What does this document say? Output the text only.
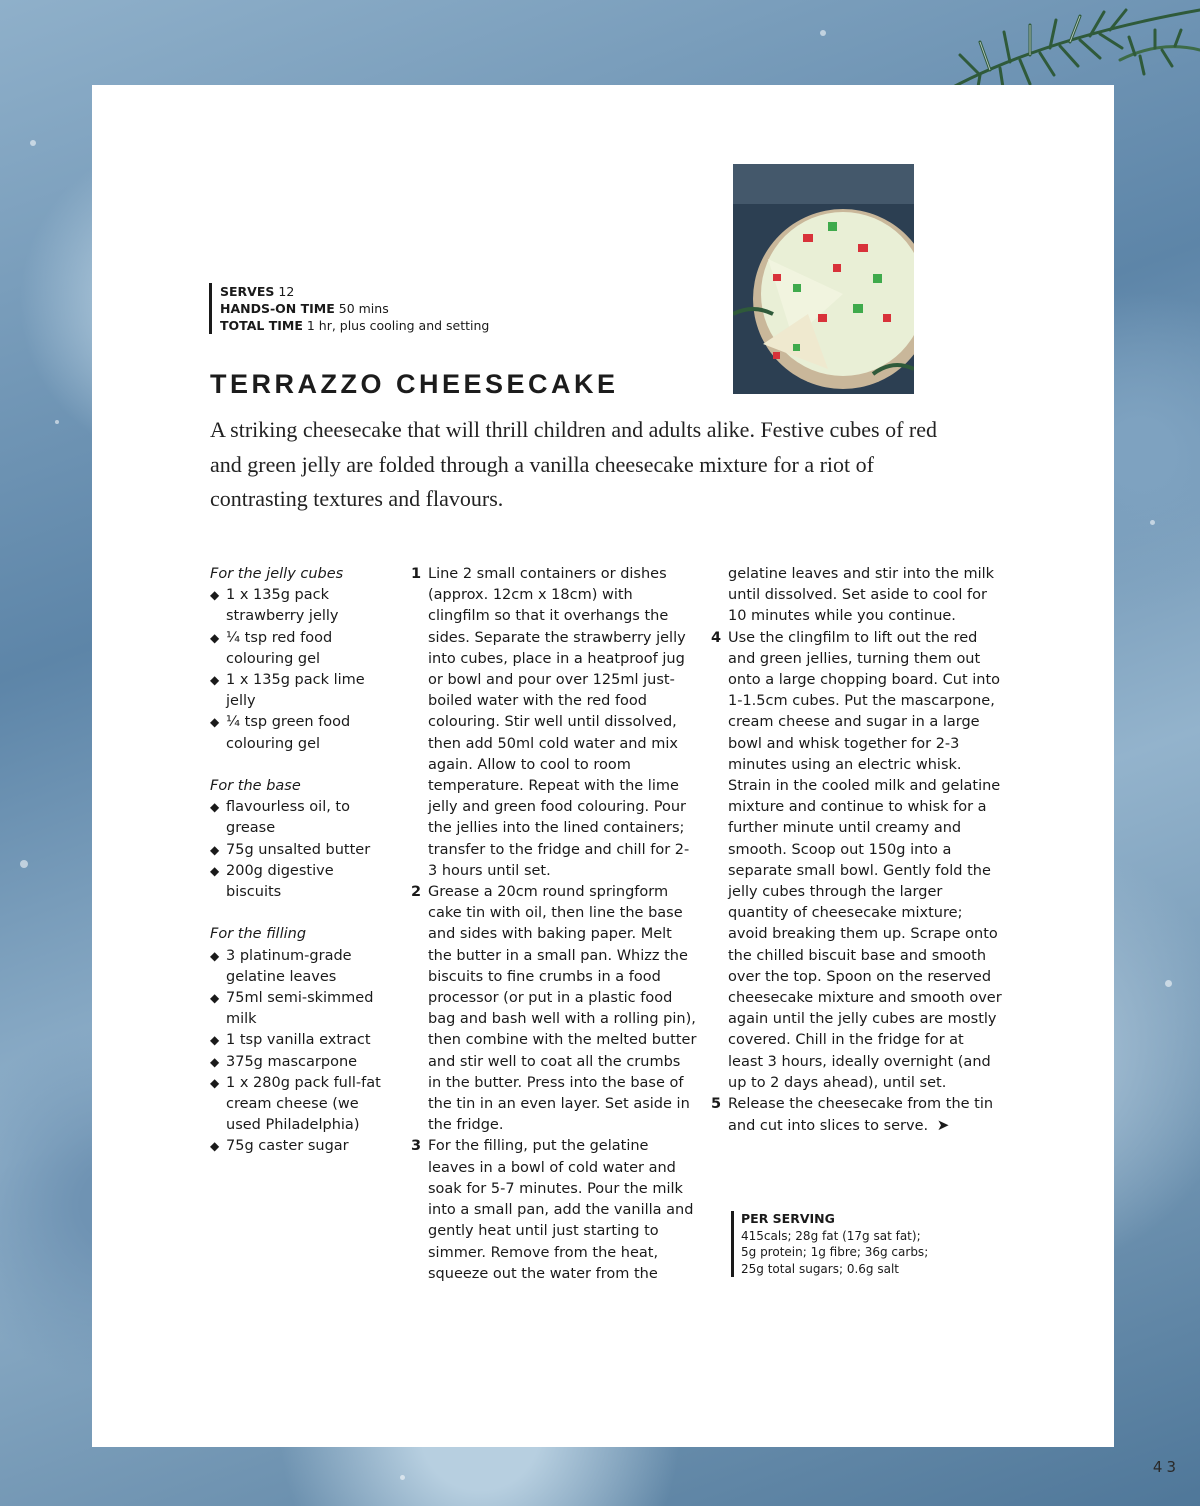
SERVES 12
HANDS-ON TIME 50 mins
TOTAL TIME 1 hr, plus cooling and setting
TERRAZZO CHEESECAKE
A striking cheesecake that will thrill children and adults alike. Festive cubes of red and green jelly are folded through a vanilla cheesecake mixture for a riot of contrasting textures and flavours.
For the jelly cubes
◆ 1 x 135g pack strawberry jelly
◆ ¼ tsp red food colouring gel
◆ 1 x 135g pack lime jelly
◆ ¼ tsp green food colouring gel
For the base
◆ flavourless oil, to grease
◆ 75g unsalted butter
◆ 200g digestive biscuits
For the filling
◆ 3 platinum-grade gelatine leaves
◆ 75ml semi-skimmed milk
◆ 1 tsp vanilla extract
◆ 375g mascarpone
◆ 1 x 280g pack full-fat cream cheese (we used Philadelphia)
◆ 75g caster sugar
1 Line 2 small containers or dishes (approx. 12cm x 18cm) with clingfilm so that it overhangs the sides. Separate the strawberry jelly into cubes, place in a heatproof jug or bowl and pour over 125ml just-boiled water with the red food colouring. Stir well until dissolved, then add 50ml cold water and mix again. Allow to cool to room temperature. Repeat with the lime jelly and green food colouring. Pour the jellies into the lined containers; transfer to the fridge and chill for 2-3 hours until set.
2 Grease a 20cm round springform cake tin with oil, then line the base and sides with baking paper. Melt the butter in a small pan. Whizz the biscuits to fine crumbs in a food processor (or put in a plastic food bag and bash well with a rolling pin), then combine with the melted butter and stir well to coat all the crumbs in the butter. Press into the base of the tin in an even layer. Set aside in the fridge.
3 For the filling, put the gelatine leaves in a bowl of cold water and soak for 5-7 minutes. Pour the milk into a small pan, add the vanilla and gently heat until just starting to simmer. Remove from the heat, squeeze out the water from the
gelatine leaves and stir into the milk until dissolved. Set aside to cool for 10 minutes while you continue.
4 Use the clingfilm to lift out the red and green jellies, turning them out onto a large chopping board. Cut into 1-1.5cm cubes. Put the mascarpone, cream cheese and sugar in a large bowl and whisk together for 2-3 minutes using an electric whisk. Strain in the cooled milk and gelatine mixture and continue to whisk for a further minute until creamy and smooth. Scoop out 150g into a separate small bowl. Gently fold the jelly cubes through the larger quantity of cheesecake mixture; avoid breaking them up. Scrape onto the chilled biscuit base and smooth over the top. Spoon on the reserved cheesecake mixture and smooth over again until the jelly cubes are mostly covered. Chill in the fridge for at least 3 hours, ideally overnight (and up to 2 days ahead), until set.
5 Release the cheesecake from the tin and cut into slices to serve. ➤
PER SERVING
415cals; 28g fat (17g sat fat);
5g protein; 1g fibre; 36g carbs;
25g total sugars; 0.6g salt
43
